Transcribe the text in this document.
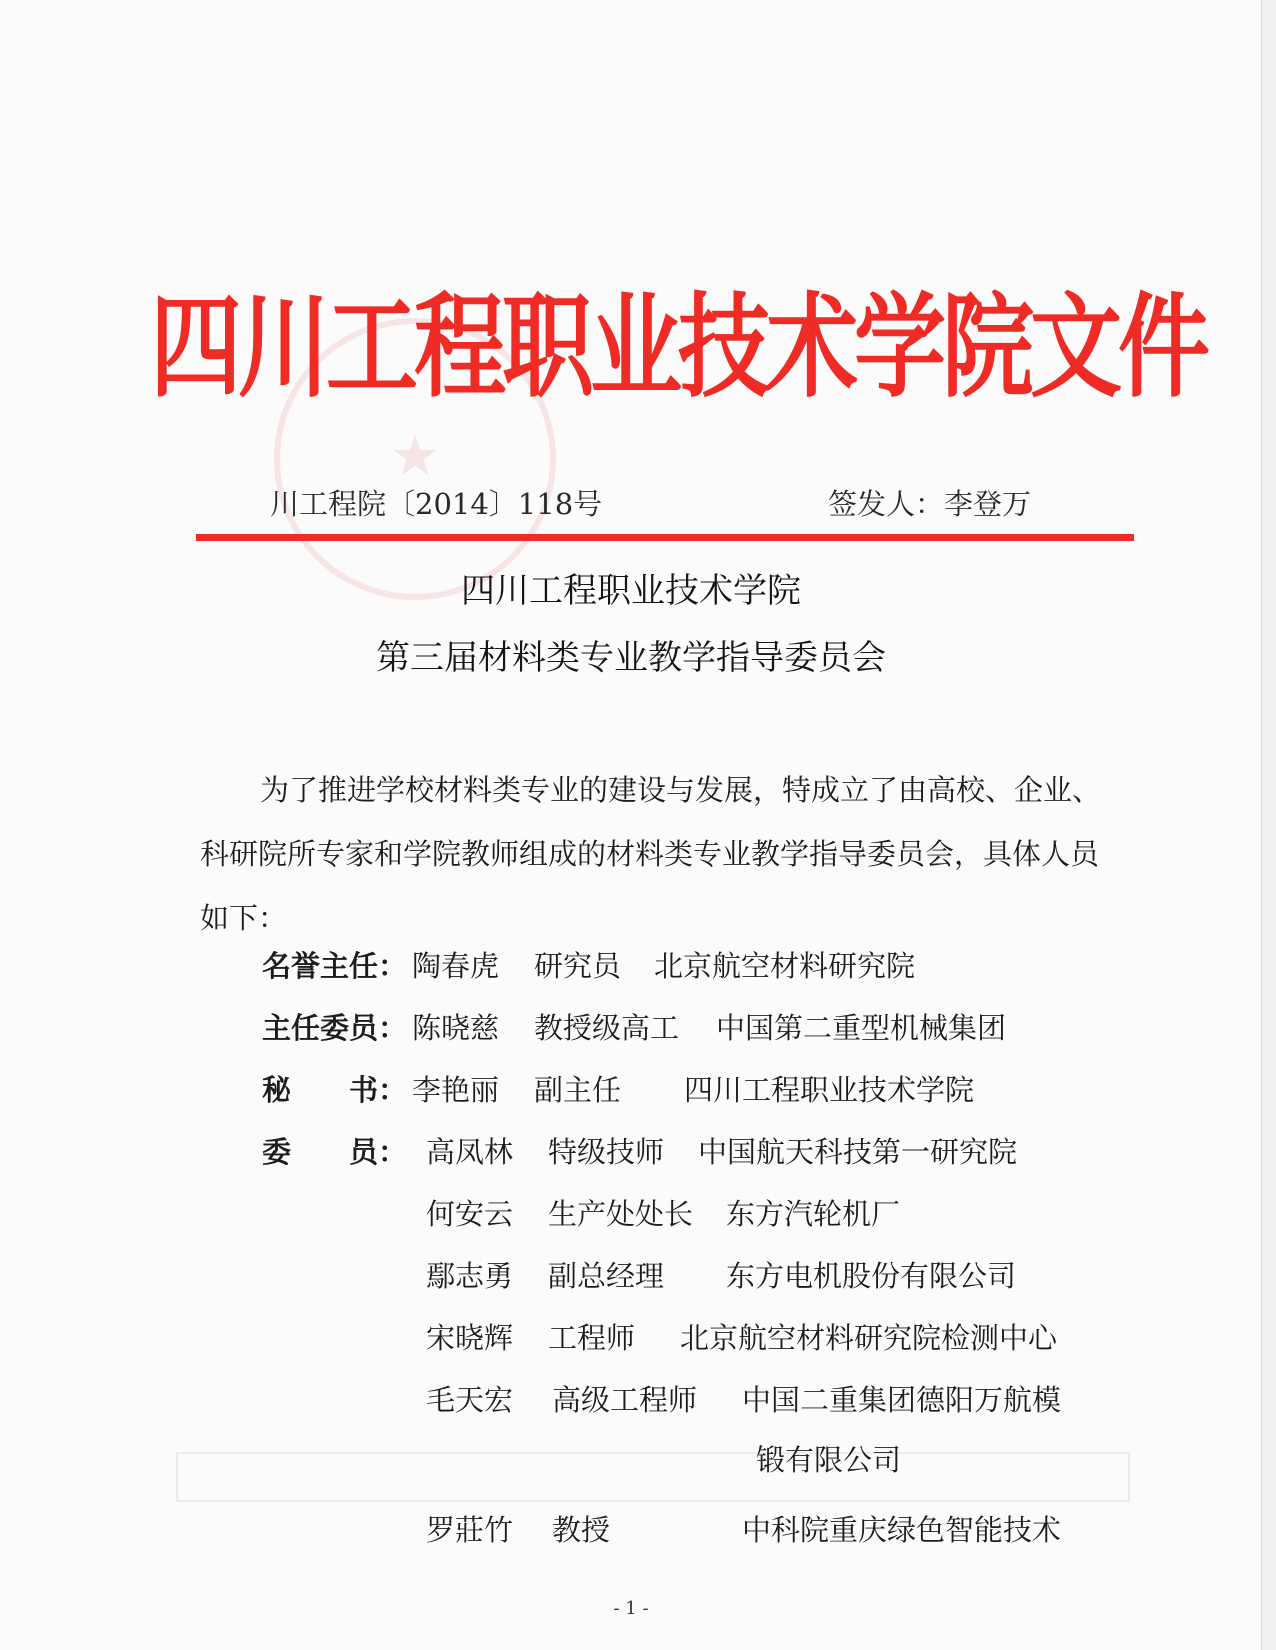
★
四川工程职业技术学院文件
川工程院〔2014〕118号	签发人：李登万
四川工程职业技术学院
第三届材料类专业教学指导委员会
为了推进学校材料类专业的建设与发展，特成立了由高校、企业、科研院所专家和学院教师组成的材料类专业教学指导委员会，具体人员如下：
名誉主任： 陶春虎 研究员 北京航空材料研究院
主任委员： 陈晓慈 教授级高工 中国第二重型机械集团
秘　　书： 李艳丽 副主任 四川工程职业技术学院
委　　员： 高凤林 特级技师 中国航天科技第一研究院
何安云 生产处处长 东方汽轮机厂
鄢志勇 副总经理 东方电机股份有限公司
宋晓辉 工程师 北京航空材料研究院检测中心
毛天宏 高级工程师 中国二重集团德阳万航模
锻有限公司
罗莊竹 教授	中科院重庆绿色智能技术
- 1 -
